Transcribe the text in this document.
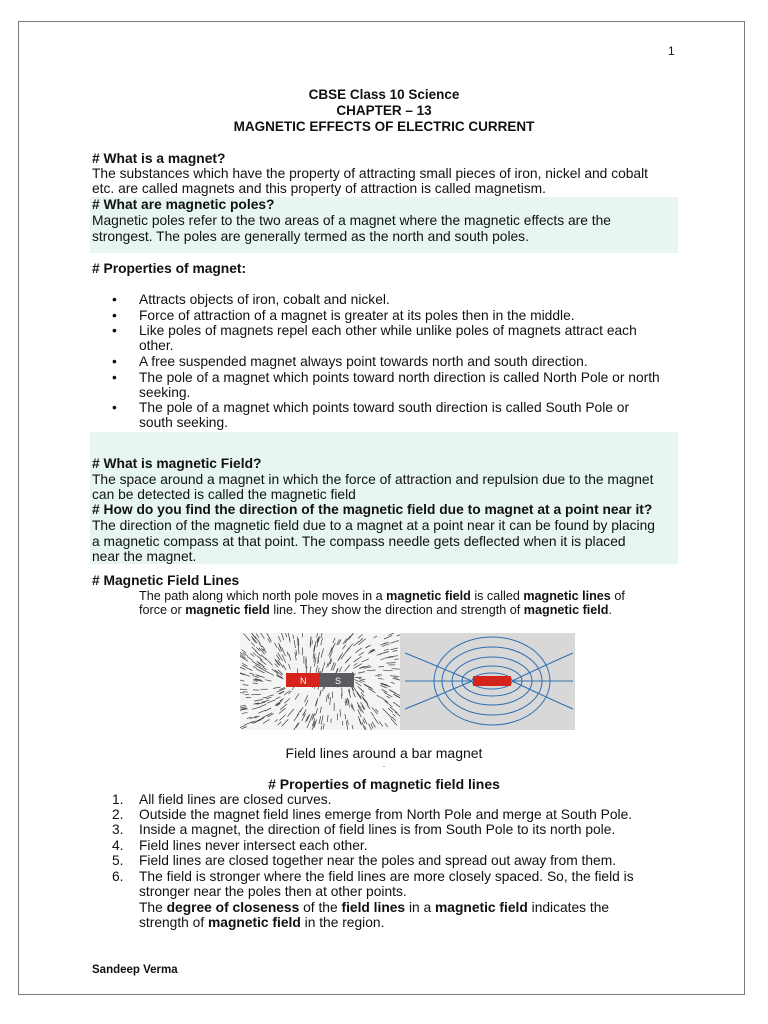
1
CBSE Class 10 Science
CHAPTER – 13
MAGNETIC EFFECTS OF ELECTRIC CURRENT
# What is a magnet?
The substances which have the property of attracting small pieces of iron, nickel and cobalt
etc. are called magnets and this property of attraction is called magnetism.
# What are magnetic poles?
Magnetic poles refer to the two areas of a magnet where the magnetic effects are the
strongest. The poles are generally termed as the north and south poles.
# Properties of magnet:
• Attracts objects of iron, cobalt and nickel.
• Force of attraction of a magnet is greater at its poles then in the middle.
• Like poles of magnets repel each other while unlike poles of magnets attract each
other.
• A free suspended magnet always point towards north and south direction.
• The pole of a magnet which points toward north direction is called North Pole or north
seeking.
• The pole of a magnet which points toward south direction is called South Pole or
south seeking.
# What is magnetic Field?
The space around a magnet in which the force of attraction and repulsion due to the magnet
can be detected is called the magnetic field
# How do you find the direction of the magnetic field due to magnet at a point near it?
The direction of the magnetic field due to a magnet at a point near it can be found by placing
a magnetic compass at that point. The compass needle gets deflected when it is placed
near the magnet.
# Magnetic Field Lines
The path along which north pole moves in a magnetic field is called magnetic lines of
force or magnetic field line. They show the direction and strength of magnetic field.
N	S
Field lines around a bar magnet
.
# Properties of magnetic field lines
1. All field lines are closed curves.
2. Outside the magnet field lines emerge from North Pole and merge at South Pole.
3. Inside a magnet, the direction of field lines is from South Pole to its north pole.
4. Field lines never intersect each other.
5. Field lines are closed together near the poles and spread out away from them.
6. The field is stronger where the field lines are more closely spaced. So, the field is
stronger near the poles then at other points.
The degree of closeness of the field lines in a magnetic field indicates the
strength of magnetic field in the region.
Sandeep Verma
